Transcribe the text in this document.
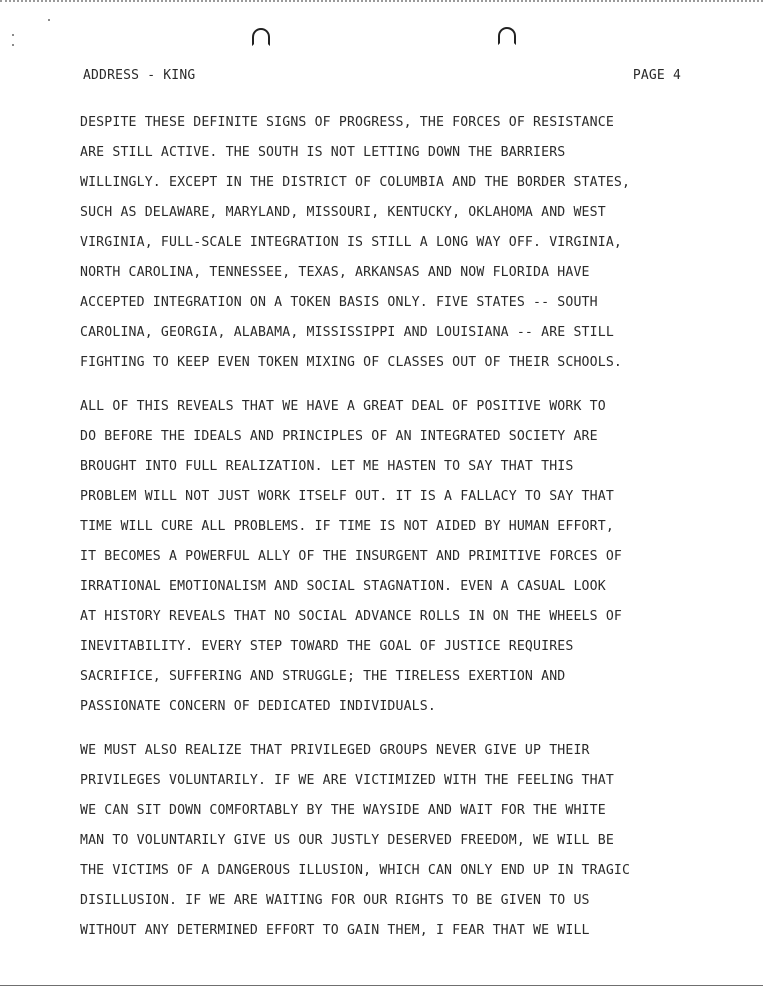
ADDRESS - KING	PAGE 4
DESPITE THESE DEFINITE SIGNS OF PROGRESS, THE FORCES OF RESISTANCE
ARE STILL ACTIVE. THE SOUTH IS NOT LETTING DOWN THE BARRIERS
WILLINGLY. EXCEPT IN THE DISTRICT OF COLUMBIA AND THE BORDER STATES,
SUCH AS DELAWARE, MARYLAND, MISSOURI, KENTUCKY, OKLAHOMA AND WEST
VIRGINIA, FULL-SCALE INTEGRATION IS STILL A LONG WAY OFF. VIRGINIA,
NORTH CAROLINA, TENNESSEE, TEXAS, ARKANSAS AND NOW FLORIDA HAVE
ACCEPTED INTEGRATION ON A TOKEN BASIS ONLY. FIVE STATES -- SOUTH
CAROLINA, GEORGIA, ALABAMA, MISSISSIPPI AND LOUISIANA -- ARE STILL
FIGHTING TO KEEP EVEN TOKEN MIXING OF CLASSES OUT OF THEIR SCHOOLS.
ALL OF THIS REVEALS THAT WE HAVE A GREAT DEAL OF POSITIVE WORK TO
DO BEFORE THE IDEALS AND PRINCIPLES OF AN INTEGRATED SOCIETY ARE
BROUGHT INTO FULL REALIZATION. LET ME HASTEN TO SAY THAT THIS
PROBLEM WILL NOT JUST WORK ITSELF OUT. IT IS A FALLACY TO SAY THAT
TIME WILL CURE ALL PROBLEMS. IF TIME IS NOT AIDED BY HUMAN EFFORT,
IT BECOMES A POWERFUL ALLY OF THE INSURGENT AND PRIMITIVE FORCES OF
IRRATIONAL EMOTIONALISM AND SOCIAL STAGNATION. EVEN A CASUAL LOOK
AT HISTORY REVEALS THAT NO SOCIAL ADVANCE ROLLS IN ON THE WHEELS OF
INEVITABILITY. EVERY STEP TOWARD THE GOAL OF JUSTICE REQUIRES
SACRIFICE, SUFFERING AND STRUGGLE; THE TIRELESS EXERTION AND
PASSIONATE CONCERN OF DEDICATED INDIVIDUALS.
WE MUST ALSO REALIZE THAT PRIVILEGED GROUPS NEVER GIVE UP THEIR
PRIVILEGES VOLUNTARILY. IF WE ARE VICTIMIZED WITH THE FEELING THAT
WE CAN SIT DOWN COMFORTABLY BY THE WAYSIDE AND WAIT FOR THE WHITE
MAN TO VOLUNTARILY GIVE US OUR JUSTLY DESERVED FREEDOM, WE WILL BE
THE VICTIMS OF A DANGEROUS ILLUSION, WHICH CAN ONLY END UP IN TRAGIC
DISILLUSION. IF WE ARE WAITING FOR OUR RIGHTS TO BE GIVEN TO US
WITHOUT ANY DETERMINED EFFORT TO GAIN THEM, I FEAR THAT WE WILL
